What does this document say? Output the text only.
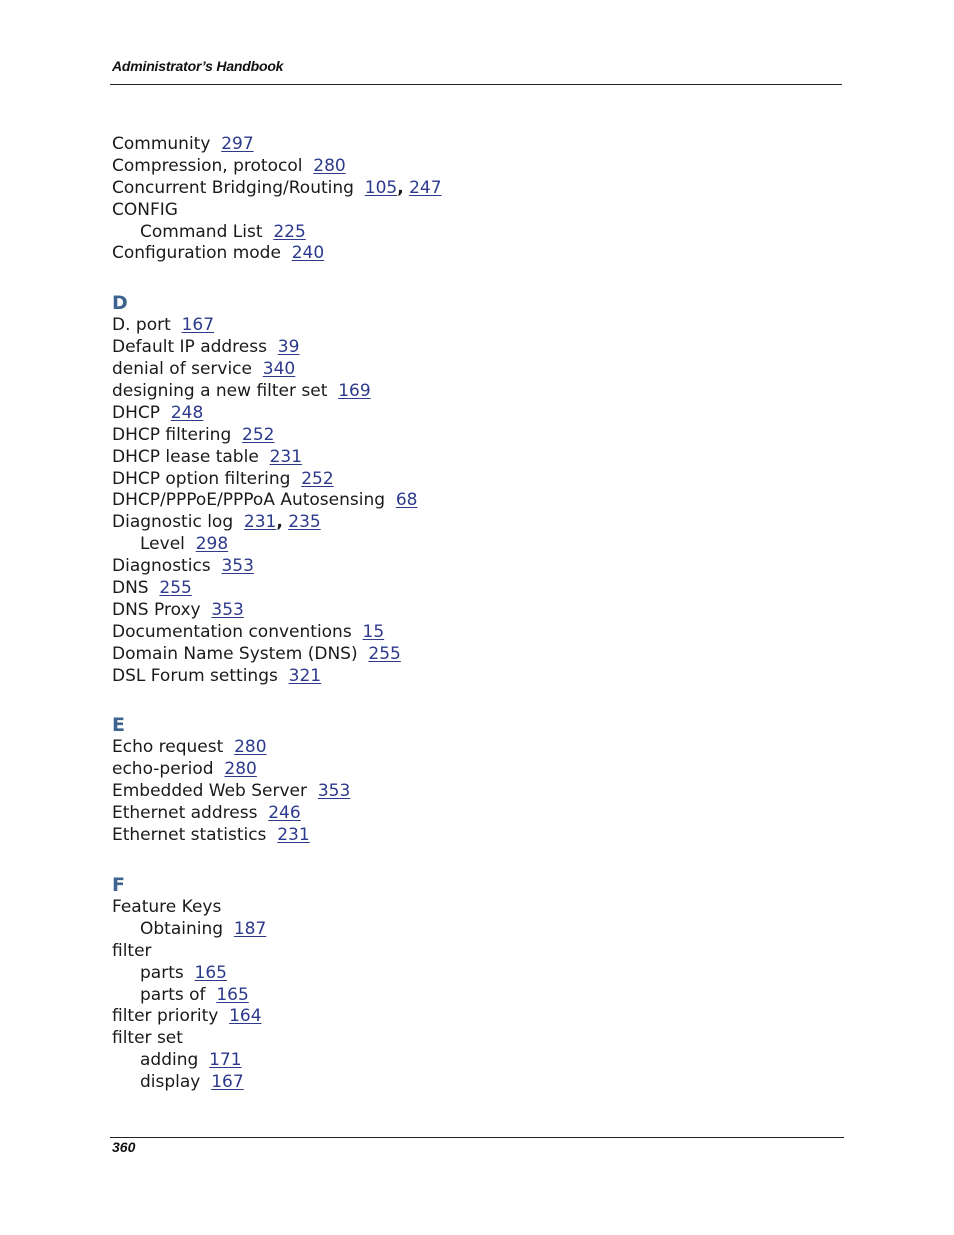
Administrator’s Handbook
Community 297
Compression, protocol 280
Concurrent Bridging/Routing 105, 247
CONFIG
Command List 225
Configuration mode 240
D
D. port 167
Default IP address 39
denial of service 340
designing a new filter set 169
DHCP 248
DHCP filtering 252
DHCP lease table 231
DHCP option filtering 252
DHCP/PPPoE/PPPoA Autosensing 68
Diagnostic log 231, 235
Level 298
Diagnostics 353
DNS 255
DNS Proxy 353
Documentation conventions 15
Domain Name System (DNS) 255
DSL Forum settings 321
E
Echo request 280
echo-period 280
Embedded Web Server 353
Ethernet address 246
Ethernet statistics 231
F
Feature Keys
Obtaining 187
filter
parts 165
parts of 165
filter priority 164
filter set
adding 171
display 167
360
